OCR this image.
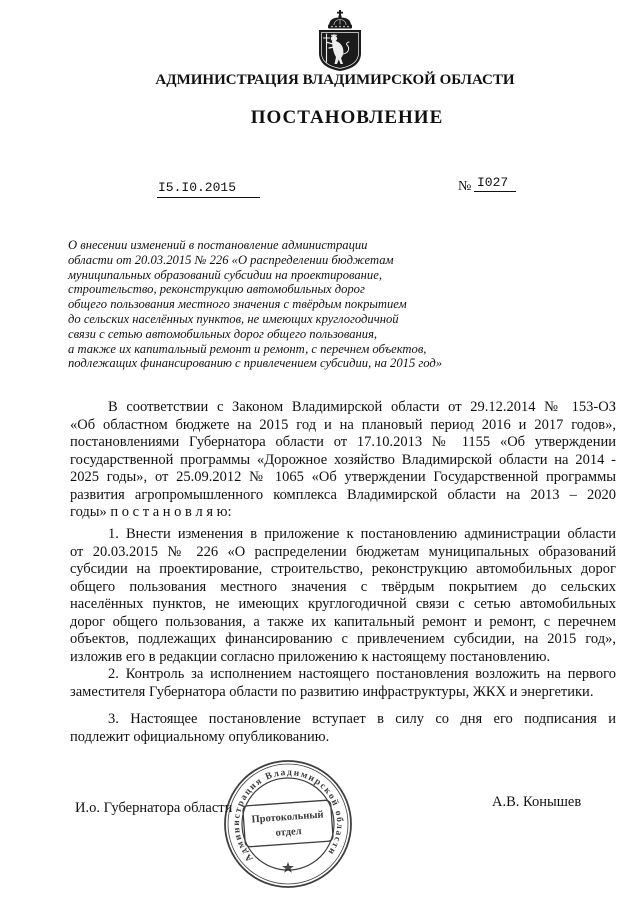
АДМИНИСТРАЦИЯ ВЛАДИМИРСКОЙ ОБЛАСТИ
ПОСТАНОВЛЕНИЕ
I5.I0.2015	№ I027
О внесении изменений в постановление администрации
области от 20.03.2015 № 226 «О распределении бюджетам
муниципальных образований субсидии на проектирование,
строительство, реконструкцию автомобильных дорог
общего пользования местного значения с твёрдым покрытием
до сельских населённых пунктов, не имеющих круглогодичной
связи с сетью автомобильных дорог общего пользования,
а также их капитальный ремонт и ремонт, с перечнем объектов,
подлежащих финансированию с привлечением субсидии, на 2015 год»
В соответствии с Законом Владимирской области от 29.12.2014 № 153-ОЗ
«Об областном бюджете на 2015 год и на плановый период 2016 и 2017 годов»,
постановлениями Губернатора области от 17.10.2013 № 1155 «Об утверждении
государственной программы «Дорожное хозяйство Владимирской области на 2014 -
2025 годы», от 25.09.2012 № 1065 «Об утверждении Государственной программы
развития агропромышленного комплекса Владимирской области на 2013 – 2020
годы» п о с т а н о в л я ю:
1. Внести изменения в приложение к постановлению администрации области
от 20.03.2015 № 226 «О распределении бюджетам муниципальных образований
субсидии на проектирование, строительство, реконструкцию автомобильных дорог
общего пользования местного значения с твёрдым покрытием до сельских
населённых пунктов, не имеющих круглогодичной связи с сетью автомобильных
дорог общего пользования, а также их капитальный ремонт и ремонт, с перечнем
объектов, подлежащих финансированию с привлечением субсидии, на 2015 год»,
изложив его в редакции согласно приложению к настоящему постановлению.
2. Контроль за исполнением настоящего постановления возложить на первого
заместителя Губернатора области по развитию инфраструктуры, ЖКХ и энергетики.
3. Настоящее постановление вступает в силу со дня его подписания и
подлежит официальному опубликованию.
И.о. Губернатора области	А.В. Конышев
Администрация Владимирской области
Протокольный
отдел
